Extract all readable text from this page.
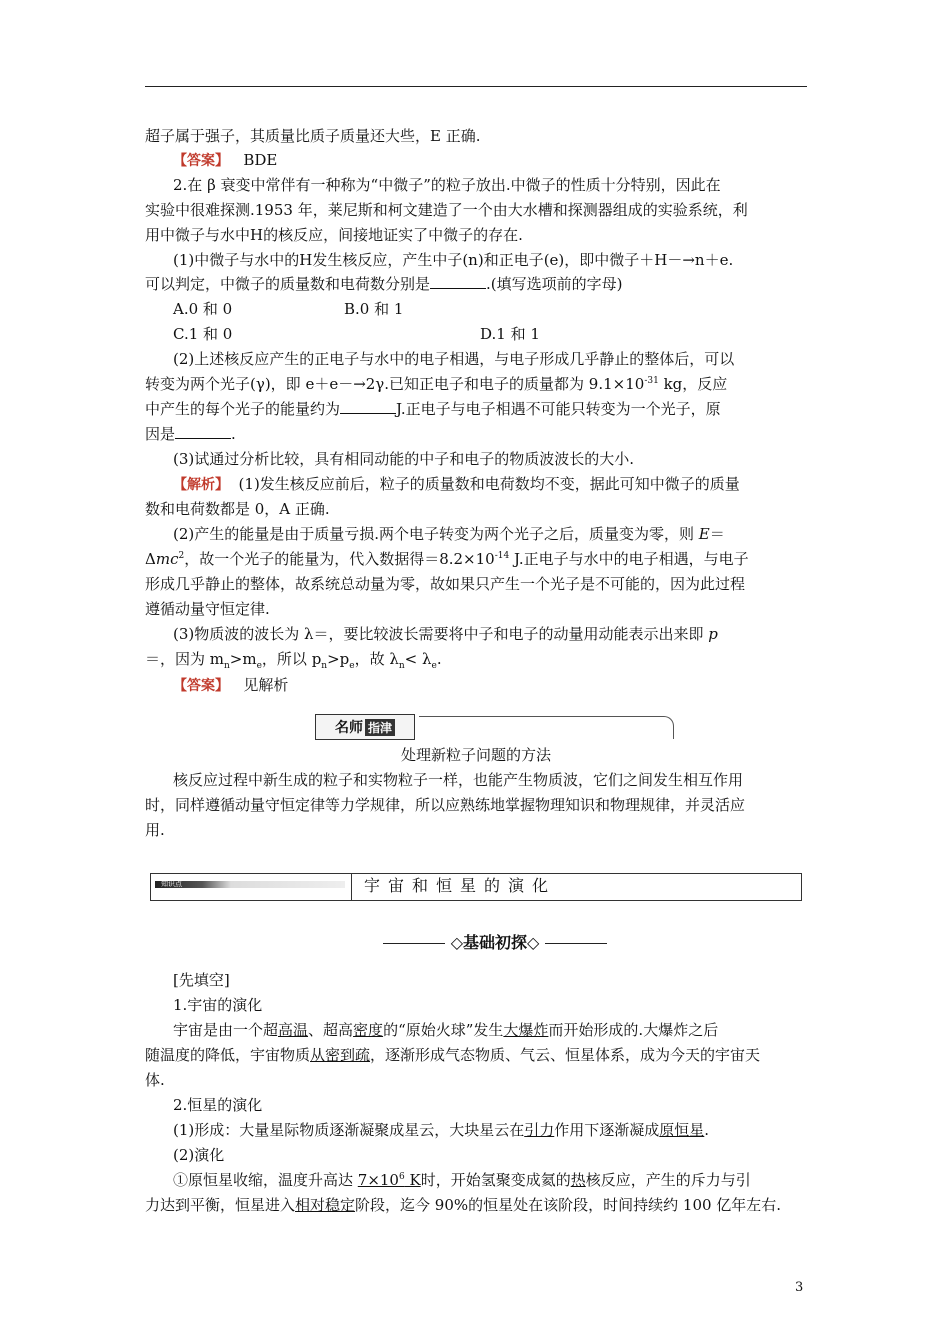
超子属于强子，其质量比质子质量还大些，E 正确.
【答案】 BDE
2.在 β 衰变中常伴有一种称为“中微子”的粒子放出.中微子的性质十分特别，因此在
实验中很难探测.1953 年，莱尼斯和柯文建造了一个由大水槽和探测器组成的实验系统，利
用中微子与水中H的核反应，间接地证实了中微子的存在.
(1)中微子与水中的H发生核反应，产生中子(n)和正电子(e)，即中微子＋H－→n＋e.
可以判定，中微子的质量数和电荷数分别是	.(填写选项前的字母)
A.0 和 0	B.0 和 1
C.1 和 0	D.1 和 1
(2)上述核反应产生的正电子与水中的电子相遇，与电子形成几乎静止的整体后，可以
转变为两个光子(γ)，即 e＋e－→2γ.已知正电子和电子的质量都为 $9.1\times 10^{-31}$ kg，反应
中产生的每个光子的能量约为	J.正电子与电子相遇不可能只转变为一个光子，原
因是	.
(3)试通过分析比较，具有相同动能的中子和电子的物质波波长的大小.
【解析】 (1)发生核反应前后，粒子的质量数和电荷数均不变，据此可知中微子的质量
数和电荷数都是 0，A 正确.
(2)产生的能量是由于质量亏损.两个电子转变为两个光子之后，质量变为零，则 E＝
Δmc$^2$，故一个光子的能量为，代入数据得$=8.2\times 10^{-14}$ J.正电子与水中的电子相遇，与电子
形成几乎静止的整体，故系统总动量为零，故如果只产生一个光子是不可能的，因为此过程
遵循动量守恒定律.
(3)物质波的波长为 λ＝，要比较波长需要将中子和电子的动量用动能表示出来即 p
＝，因为 $m_n>m_e$，所以 $p_n>p_e$，故 $\lambda_n< \lambda_e$.
【答案】 见解析
名师 指津
处理新粒子问题的方法
核反应过程中新生成的粒子和实物粒子一样，也能产生物质波，它们之间发生相互作用
时，同样遵循动量守恒定律等力学规律，所以应熟练地掌握物理知识和物理规律，并灵活应
用.
知识点	宇宙和恒星的演化
◇基础初探◇
[先填空]
1.宇宙的演化
宇宙是由一个超高温、超高密度的“原始火球”发生大爆炸而开始形成的.大爆炸之后
随温度的降低，宇宙物质从密到疏，逐渐形成气态物质、气云、恒星体系，成为今天的宇宙天
体.
2.恒星的演化
(1)形成：大量星际物质逐渐凝聚成星云，大块星云在引力作用下逐渐凝成原恒星.
(2)演化
①原恒星收缩，温度升高达 $7\times 10^6$ K时，开始氢聚变成氦的热核反应，产生的斥力与引
力达到平衡，恒星进入相对稳定阶段，迄今 90%的恒星处在该阶段，时间持续约 100 亿年左右.
3
